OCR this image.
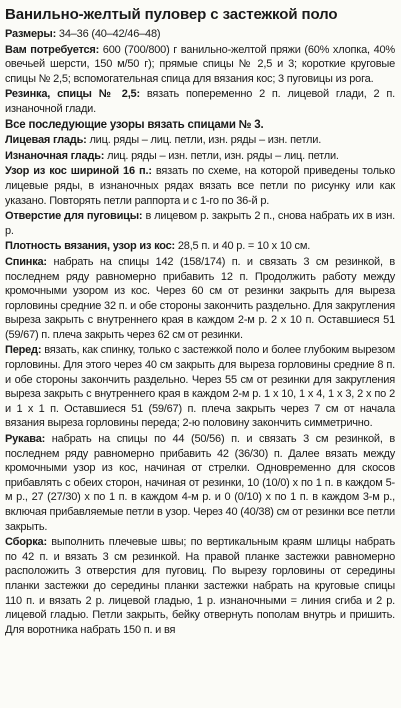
Ванильно-желтый пуловер с застежкой поло
Размеры: 34–36 (40–42/46–48)
Вам потребуется: 600 (700/800) г ванильно-желтой пряжи (60% хлопка, 40% овечьей шерсти, 150 м/50 г); прямые спицы № 2,5 и 3; короткие круговые спицы № 2,5; вспомогательная спица для вязания кос; 3 пуговицы из рога.
Резинка, спицы № 2,5: вязать попеременно 2 п. лицевой глади, 2 п. изнаночной глади.
Все последующие узоры вязать спицами № 3.
Лицевая гладь: лиц. ряды – лиц. петли, изн. ряды – изн. петли.
Изнаночная гладь: лиц. ряды – изн. петли, изн. ряды – лиц. петли.
Узор из кос шириной 16 п.: вязать по схеме, на которой приведены только лицевые ряды, в изнаночных рядах вязать все петли по рисунку или как указано. Повторять петли раппорта и с 1-го по 36-й р.
Отверстие для пуговицы: в лицевом р. закрыть 2 п., снова набрать их в изн. р.
Плотность вязания, узор из кос: 28,5 п. и 40 р. = 10 х 10 см.
Спинка: набрать на спицы 142 (158/174) п. и связать 3 см резинкой, в последнем ряду равномерно прибавить 12 п. Продолжить работу между кромочными узором из кос. Через 60 см от резинки закрыть для выреза горловины средние 32 п. и обе стороны закончить раздельно. Для закругления выреза закрыть с внутреннего края в каждом 2-м р. 2 х 10 п. Оставшиеся 51 (59/67) п. плеча закрыть через 62 см от резинки.
Перед: вязать, как спинку, только с застежкой поло и более глубоким вырезом горловины. Для этого через 40 см закрыть для выреза горловины средние 8 п. и обе стороны закончить раздельно. Через 55 см от резинки для закругления выреза закрыть с внутреннего края в каждом 2-м р. 1 х 10, 1 х 4, 1 х 3, 2 х по 2 и 1 х 1 п. Оставшиеся 51 (59/67) п. плеча закрыть через 7 см от начала вязания выреза горловины переда; 2-ю половину закончить симметрично.
Рукава: набрать на спицы по 44 (50/56) п. и связать 3 см резинкой, в последнем ряду равномерно прибавить 42 (36/30) п. Далее вязать между кромочными узор из кос, начиная от стрелки. Одновременно для скосов прибавлять с обеих сторон, начиная от резинки, 10 (10/0) х по 1 п. в каждом 5-м р., 27 (27/30) х по 1 п. в каждом 4-м р. и 0 (0/10) х по 1 п. в каждом 3-м р., включая прибавляемые петли в узор. Через 40 (40/38) см от резинки все петли закрыть.
Сборка: выполнить плечевые швы; по вертикальным краям шлицы набрать по 42 п. и вязать 3 см резинкой. На правой планке застежки равномерно расположить 3 отверстия для пуговиц. По вырезу горловины от середины планки застежки до середины планки застежки набрать на круговые спицы 110 п. и вязать 2 р. лицевой гладью, 1 р. изнаночными = линия сгиба и 2 р. лицевой гладью. Петли закрыть, бейку отвернуть пополам внутрь и пришить. Для воротника набрать 150 п. и вя
